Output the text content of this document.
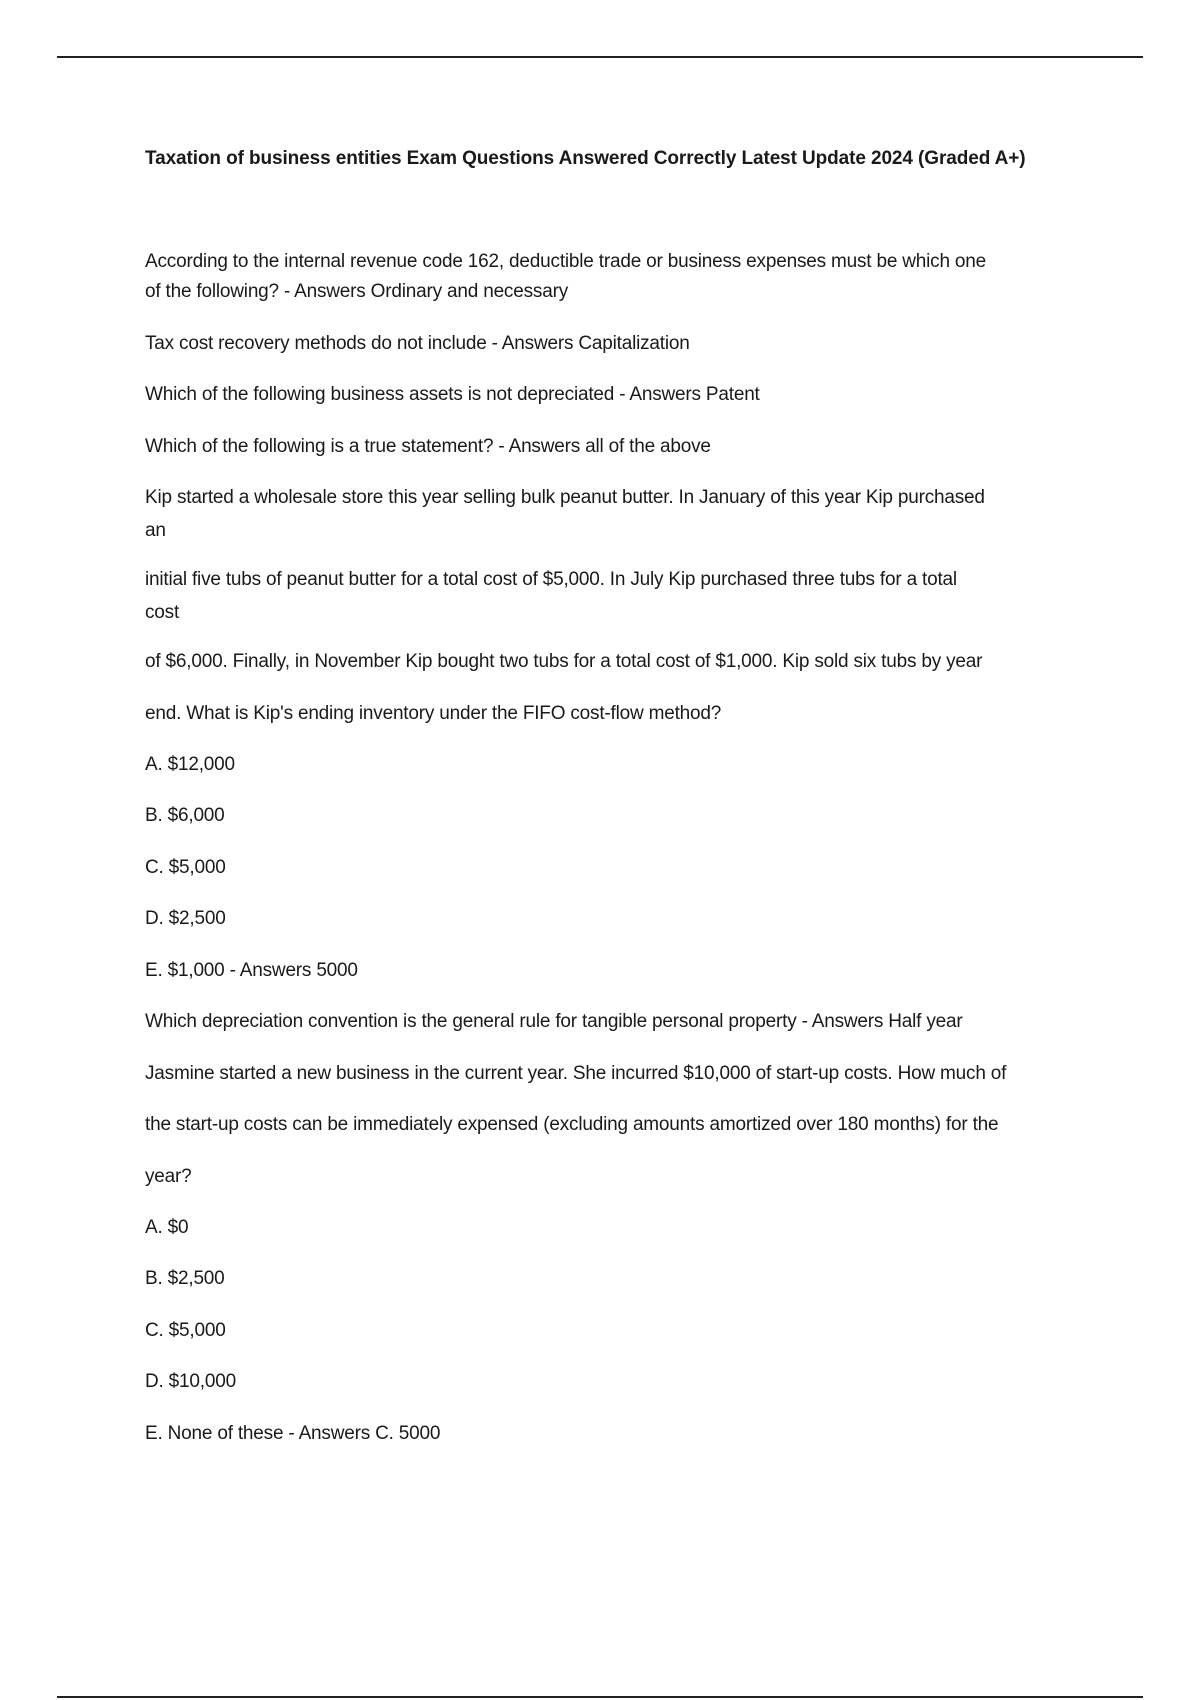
Taxation of business entities Exam Questions Answered Correctly Latest Update 2024 (Graded A+)

According to the internal revenue code 162, deductible trade or business expenses must be which one

of the following? - Answers Ordinary and necessary

Tax cost recovery methods do not include - Answers Capitalization

Which of the following business assets is not depreciated - Answers Patent

Which of the following is a true statement? - Answers all of the above

Kip started a wholesale store this year selling bulk peanut butter. In January of this year Kip purchased

an

initial five tubs of peanut butter for a total cost of $5,000. In July Kip purchased three tubs for a total

cost

of $6,000. Finally, in November Kip bought two tubs for a total cost of $1,000. Kip sold six tubs by year

end. What is Kip's ending inventory under the FIFO cost-flow method?

A. $12,000

B. $6,000

C. $5,000

D. $2,500

E. $1,000 - Answers 5000

Which depreciation convention is the general rule for tangible personal property - Answers Half year

Jasmine started a new business in the current year. She incurred $10,000 of start-up costs. How much of

the start-up costs can be immediately expensed (excluding amounts amortized over 180 months) for the

year?

A. $0

B. $2,500

C. $5,000

D. $10,000

E. None of these - Answers C. 5000
